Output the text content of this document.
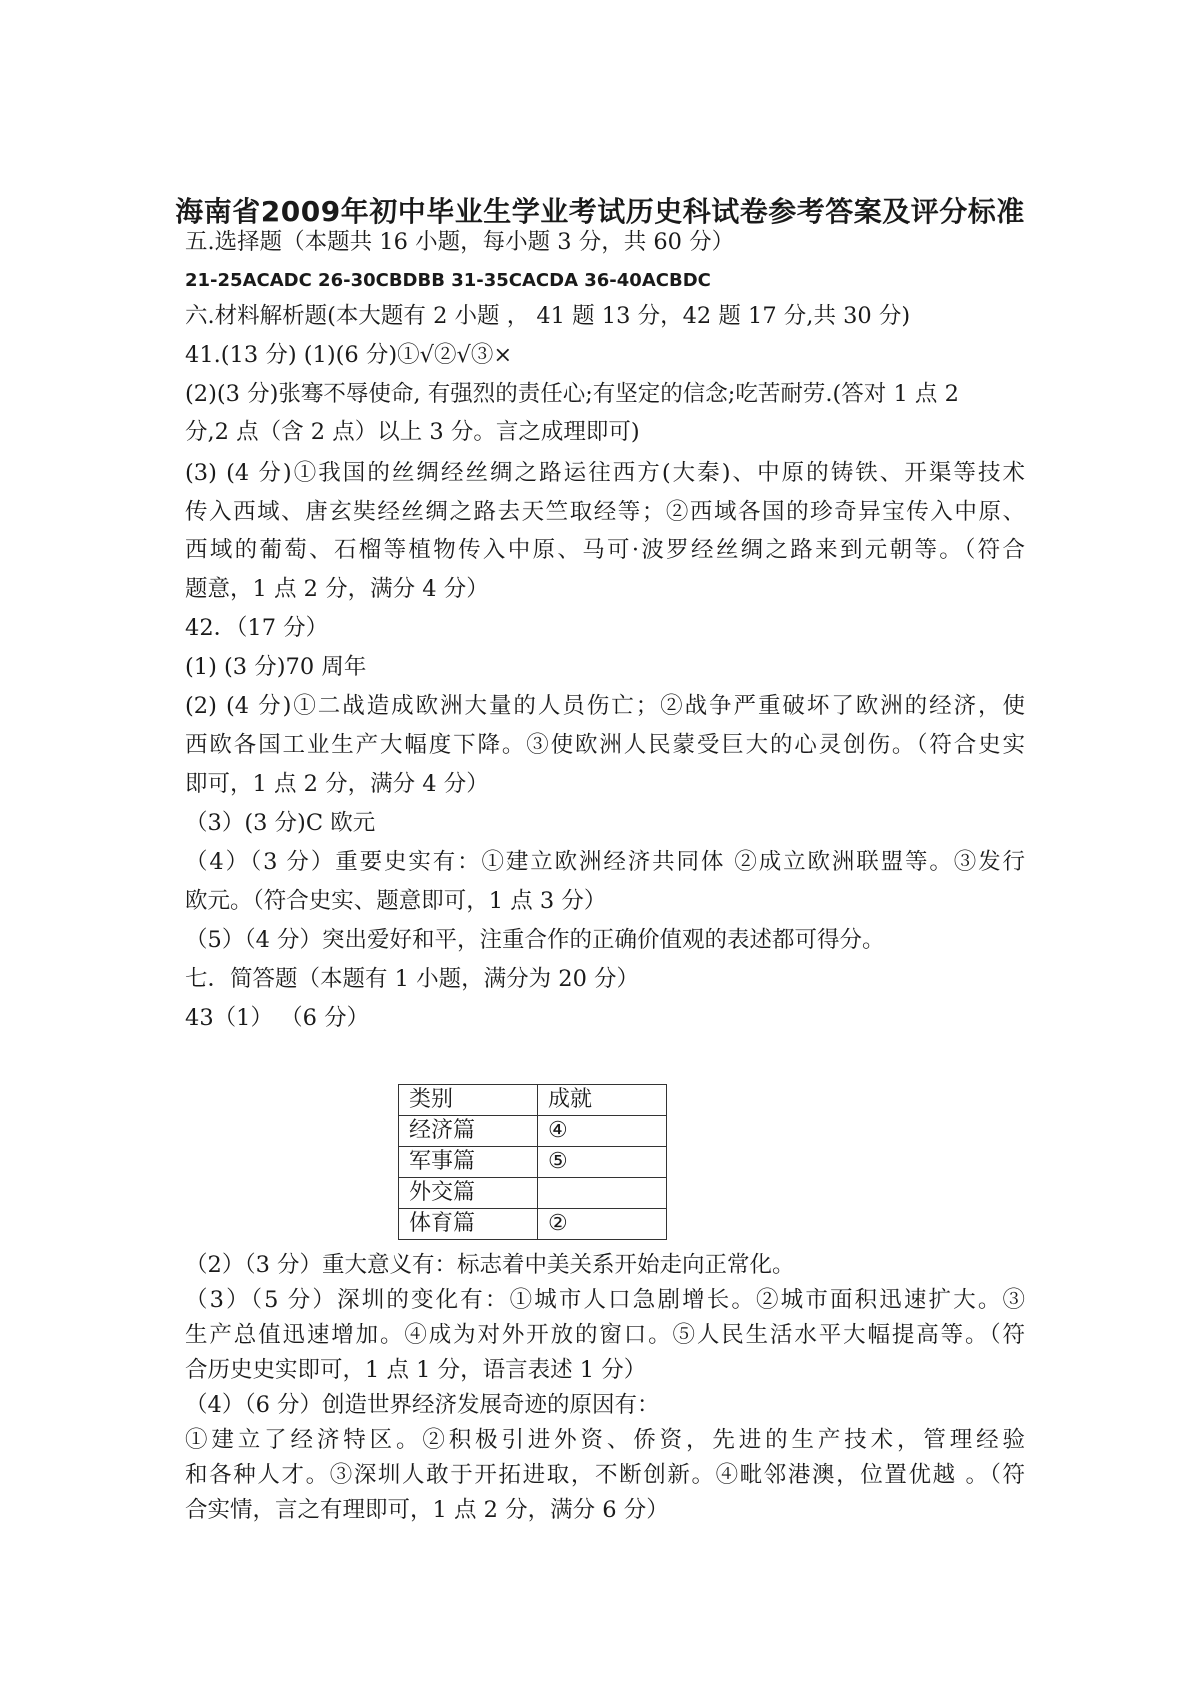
海南省2009年初中毕业生学业考试历史科试卷参考答案及评分标准
五.选择题（本题共 16 小题，每小题 3 分，共 60 分）
21-25ACADC 26-30CBDBB 31-35CACDA 36-40ACBDC
六.材料解析题(本大题有 2 小题 ， 41 题 13 分，42 题 17 分,共 30 分)
41.(13 分) (1)(6 分)①√②√③×
(2)(3 分)张骞不辱使命, 有强烈的责任心;有坚定的信念;吃苦耐劳.(答对 1 点 2
分,2 点（含 2 点）以上 3 分。言之成理即可)
(3) (4 分)①我国的丝绸经丝绸之路运往西方(大秦)、中原的铸铁、开渠等技术
传入西域、唐玄奘经丝绸之路去天竺取经等；②西域各国的珍奇异宝传入中原、
西域的葡萄、石榴等植物传入中原、马可·波罗经丝绸之路来到元朝等。（符合
题意，1 点 2 分，满分 4 分）
42．（17 分）
(1) (3 分)70 周年
(2) (4 分)①二战造成欧洲大量的人员伤亡；②战争严重破坏了欧洲的经济，使
西欧各国工业生产大幅度下降。③使欧洲人民蒙受巨大的心灵创伤。（符合史实
即可，1 点 2 分，满分 4 分）
（3）(3 分)C 欧元
（4）（3 分）重要史实有：①建立欧洲经济共同体 ②成立欧洲联盟等。③发行
欧元。（符合史实、题意即可，1 点 3 分）
（5）（4 分）突出爱好和平，注重合作的正确价值观的表述都可得分。
七．简答题（本题有 1 小题，满分为 20 分）
43（1） （6 分）
类别	成就
经济篇	④
军事篇	⑤
外交篇	
体育篇	②
（2）（3 分）重大意义有：标志着中美关系开始走向正常化。
（3）（5 分）深圳的变化有：①城市人口急剧增长。②城市面积迅速扩大。③
生产总值迅速增加。④成为对外开放的窗口。⑤人民生活水平大幅提高等。（符
合历史史实即可，1 点 1 分，语言表述 1 分）
（4）（6 分）创造世界经济发展奇迹的原因有：
①建立了经济特区。②积极引进外资、侨资，先进的生产技术，管理经验
和各种人才。③深圳人敢于开拓进取，不断创新。④毗邻港澳，位置优越 。（符
合实情，言之有理即可，1 点 2 分，满分 6 分）
